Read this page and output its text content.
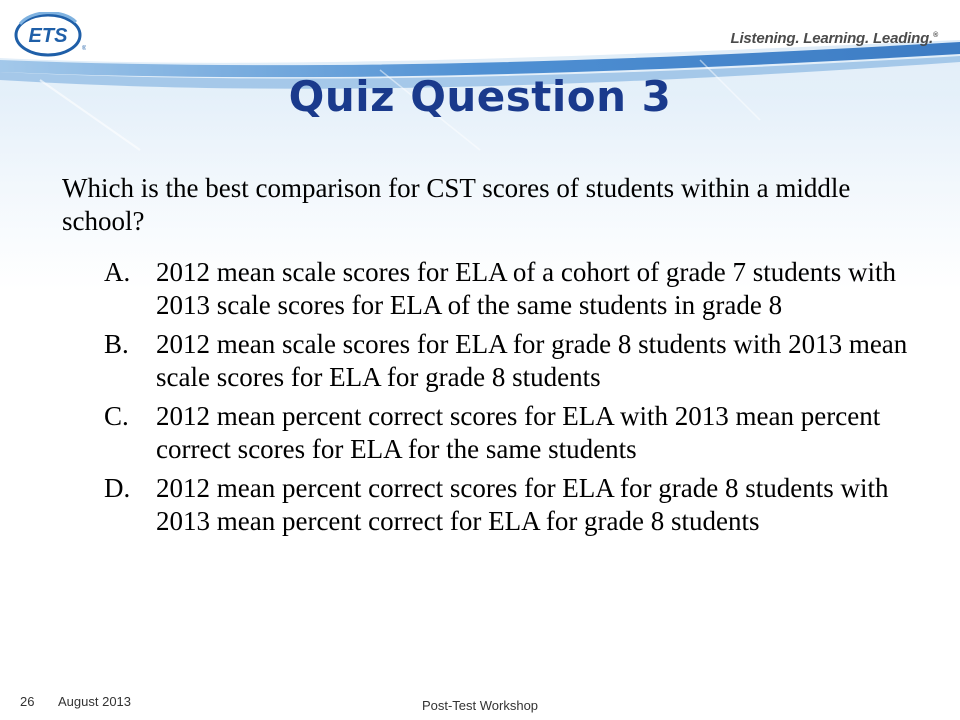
ETS
®
Listening. Learning. Leading.®
Quiz Question 3
Which is the best comparison for CST scores of students within a middle school?
A. 2012 mean scale scores for ELA of a cohort of grade 7 students with 2013 scale scores for ELA of the same students in grade 8
B. 2012 mean scale scores for ELA for grade 8 students with 2013 mean scale scores for ELA for grade 8 students
C. 2012 mean percent correct scores for ELA with 2013 mean percent correct scores for ELA for the same students
D. 2012 mean percent correct scores for ELA for grade 8 students with 2013 mean percent correct for ELA for grade 8 students
26 August 2013	Post-Test Workshop
